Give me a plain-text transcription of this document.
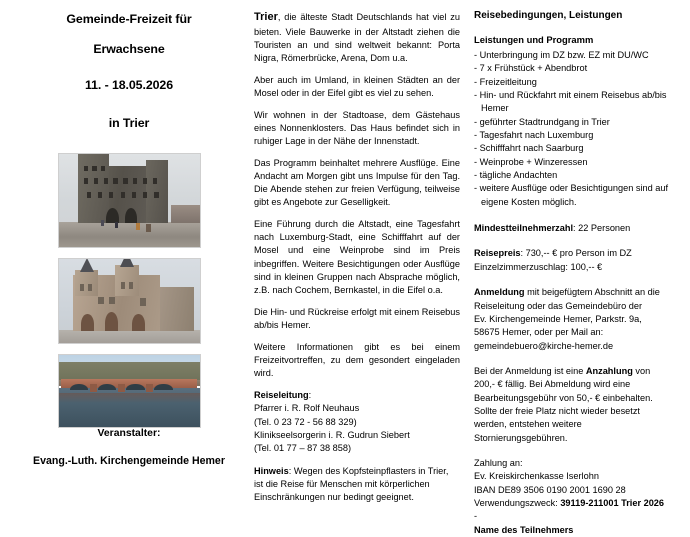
Gemeinde-Freizeit für
Erwachsene
11. - 18.05.2026
in Trier
Veranstalter:
Evang.-Luth. Kirchengemeinde Hemer

Trier, die älteste Stadt Deutschlands hat viel zu bieten. Viele Bauwerke in der Altstadt ziehen die Touristen an und sind weltweit bekannt: Porta Nigra, Römerbrücke, Arena, Dom u.a.

Aber auch im Umland, in kleinen Städten an der Mosel oder in der Eifel gibt es viel zu sehen.

Wir wohnen in der Stadtoase, dem Gästehaus eines Nonnenklosters. Das Haus befindet sich in ruhiger Lage in der Nähe der Innenstadt.

Das Programm beinhaltet mehrere Ausflüge. Eine Andacht am Morgen gibt uns Impulse für den Tag. Die Abende stehen zur freien Verfügung, teilweise gibt es Angebote zur Geselligkeit.

Eine Führung durch die Altstadt, eine Tagesfahrt nach Luxemburg-Stadt, eine Schifffahrt auf der Mosel und eine Weinprobe sind im Preis inbegriffen. Weitere Besichtigungen oder Ausflüge sind in kleinen Gruppen nach Absprache möglich, z.B. nach Cochem, Bernkastel, in die Eifel o.a.

Die Hin- und Rückreise erfolgt mit einem Reisebus ab/bis Hemer.

Weitere Informationen gibt es bei einem Freizeitvortreffen, zu dem gesondert eingeladen wird.

Reiseleitung:
Pfarrer i. R. Rolf Neuhaus
(Tel. 0 23 72 - 56 88 329)
Klinikseelsorgerin i. R. Gudrun Siebert
(Tel. 01 77 – 87 38 858)

Hinweis: Wegen des Kopfsteinpflasters in Trier, ist die Reise für Menschen mit körperlichen Einschränkungen nur bedingt geeignet.

Reisebedingungen, Leistungen
Leistungen und Programm
- Unterbringung im DZ bzw. EZ mit DU/WC
- 7 x Frühstück + Abendbrot
- Freizeitleitung
- Hin- und Rückfahrt mit einem Reisebus ab/bis Hemer
- geführter Stadtrundgang in Trier
- Tagesfahrt nach Luxemburg
- Schifffahrt nach Saarburg
- Weinprobe + Winzeressen
- tägliche Andachten
- weitere Ausflüge oder Besichtigungen sind auf eigene Kosten möglich.
Mindestteilnehmerzahl: 22 Personen
Reisepreis: 730,-- € pro Person im DZ
Einzelzimmerzuschlag: 100,-- €
Anmeldung mit beigefügtem Abschnitt an die
Reiseleitung oder das Gemeindebüro der
Ev. Kirchengemeinde Hemer, Parkstr. 9a,
58675 Hemer, oder per Mail an:
gemeindebuero@kirche-hemer.de
Bei der Anmeldung ist eine Anzahlung von
200,- € fällig. Bei Abmeldung wird eine
Bearbeitungsgebühr von 50,- € einbehalten.
Sollte der freie Platz nicht wieder besetzt
werden, entstehen weitere
Stornierungsgebühren.
Zahlung an:
Ev. Kreiskirchenkasse Iserlohn
IBAN DE89 3506 0190 2001 1690 28
Verwendungszweck: 39119-211001 Trier 2026
-
Name des Teilnehmers
